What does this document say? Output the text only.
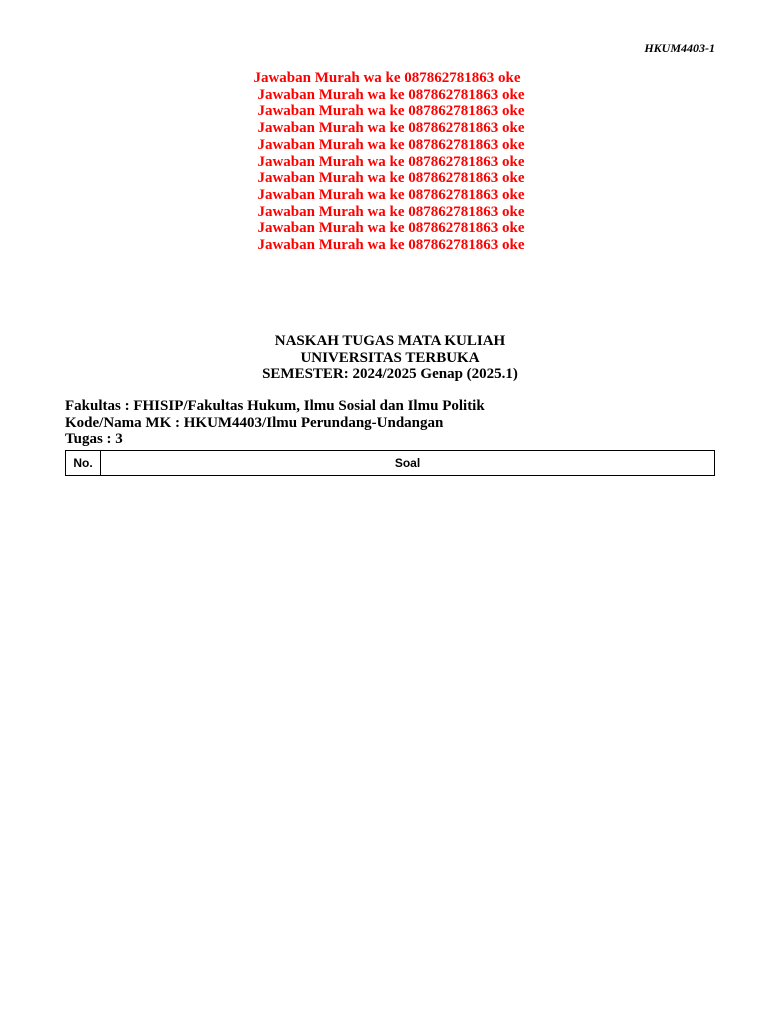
HKUM4403-1
Jawaban Murah wa ke 087862781863 oke
Jawaban Murah wa ke 087862781863 oke
Jawaban Murah wa ke 087862781863 oke
Jawaban Murah wa ke 087862781863 oke
Jawaban Murah wa ke 087862781863 oke
Jawaban Murah wa ke 087862781863 oke
Jawaban Murah wa ke 087862781863 oke
Jawaban Murah wa ke 087862781863 oke
Jawaban Murah wa ke 087862781863 oke
Jawaban Murah wa ke 087862781863 oke
Jawaban Murah wa ke 087862781863 oke
NASKAH TUGAS MATA KULIAH
UNIVERSITAS TERBUKA
SEMESTER: 2024/2025 Genap (2025.1)
Fakultas : FHISIP/Fakultas Hukum, Ilmu Sosial dan Ilmu Politik
Kode/Nama MK : HKUM4403/Ilmu Perundang-Undangan
Tugas : 3
No.	Soal
